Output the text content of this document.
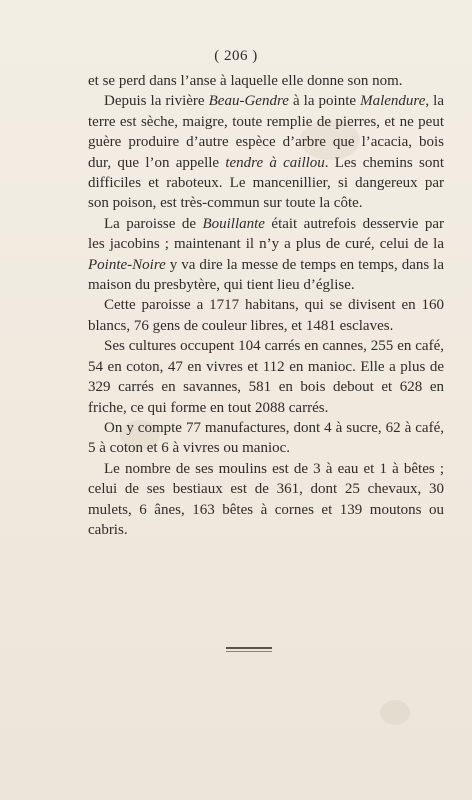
( 206 )

et se perd dans l’anse à laquelle elle donne son nom.

Depuis la rivière Beau-Gendre à la pointe Malendure, la terre est sèche, maigre, toute remplie de pierres, et ne peut guère produire d’autre espèce d’arbre que l’acacia, bois dur, que l’on appelle tendre à caillou. Les chemins sont difficiles et raboteux. Le mancenillier, si dangereux par son poison, est très-commun sur toute la côte.

La paroisse de Bouillante était autrefois desservie par les jacobins ; maintenant il n’y a plus de curé, celui de la Pointe-Noire y va dire la messe de temps en temps, dans la maison du presbytère, qui tient lieu d’église.

Cette paroisse a 1717 habitans, qui se divisent en 160 blancs, 76 gens de couleur libres, et 1481 esclaves.

Ses cultures occupent 104 carrés en cannes, 255 en café, 54 en coton, 47 en vivres et 112 en manioc. Elle a plus de 329 carrés en savannes, 581 en bois debout et 628 en friche, ce qui forme en tout 2088 carrés.

On y compte 77 manufactures, dont 4 à sucre, 62 à café, 5 à coton et 6 à vivres ou manioc.

Le nombre de ses moulins est de 3 à eau et 1 à bêtes ; celui de ses bestiaux est de 361, dont 25 chevaux, 30 mulets, 6 ânes, 163 bêtes à cornes et 139 moutons ou cabris.
